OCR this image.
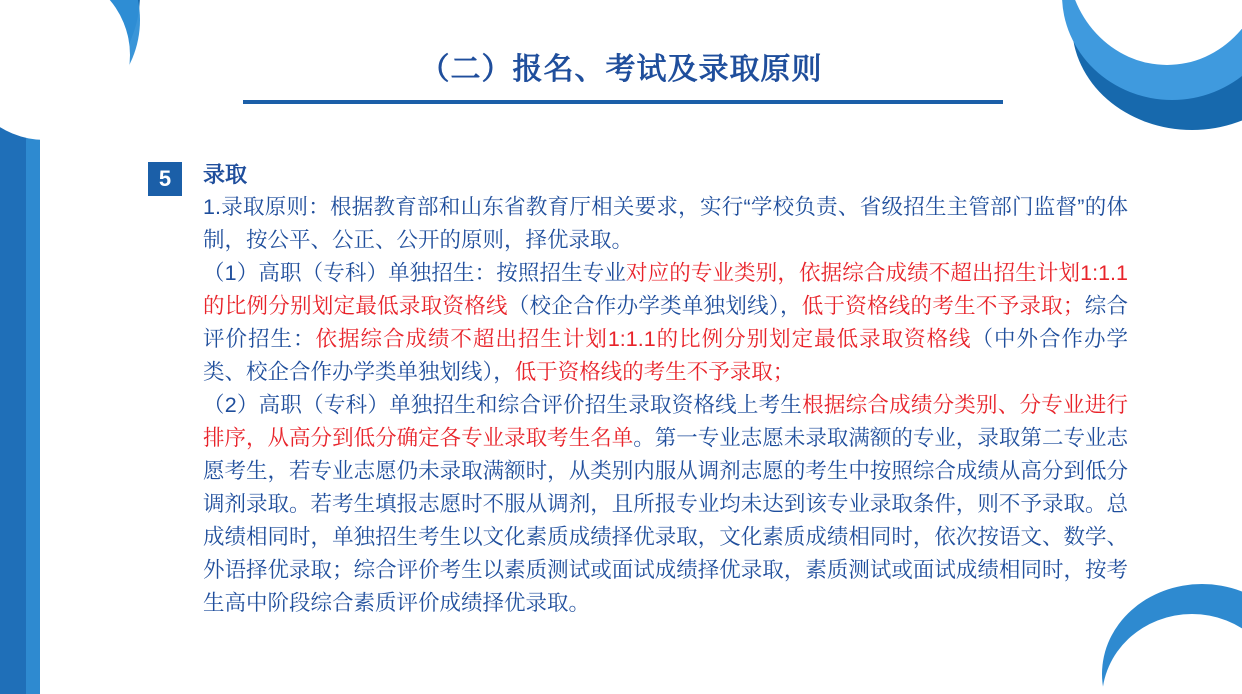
（二）报名、考试及录取原则
5	录取

1.录取原则：根据教育部和山东省教育厅相关要求，实行“学校负责、省级招生主管部门监督”的体制，按公平、公正、公开的原则，择优录取。

（1）高职（专科）单独招生：按照招生专业对应的专业类别，依据综合成绩不超出招生计划1:1.1的比例分别划定最低录取资格线（校企合作办学类单独划线），低于资格线的考生不予录取；综合评价招生：依据综合成绩不超出招生计划1:1.1的比例分别划定最低录取资格线（中外合作办学类、校企合作办学类单独划线），低于资格线的考生不予录取；

（2）高职（专科）单独招生和综合评价招生录取资格线上考生根据综合成绩分类别、分专业进行排序，从高分到低分确定各专业录取考生名单。第一专业志愿未录取满额的专业，录取第二专业志愿考生，若专业志愿仍未录取满额时，从类别内服从调剂志愿的考生中按照综合成绩从高分到低分调剂录取。若考生填报志愿时不服从调剂，且所报专业均未达到该专业录取条件，则不予录取。总成绩相同时，单独招生考生以文化素质成绩择优录取，文化素质成绩相同时，依次按语文、数学、外语择优录取；综合评价考生以素质测试或面试成绩择优录取，素质测试或面试成绩相同时，按考生高中阶段综合素质评价成绩择优录取。
